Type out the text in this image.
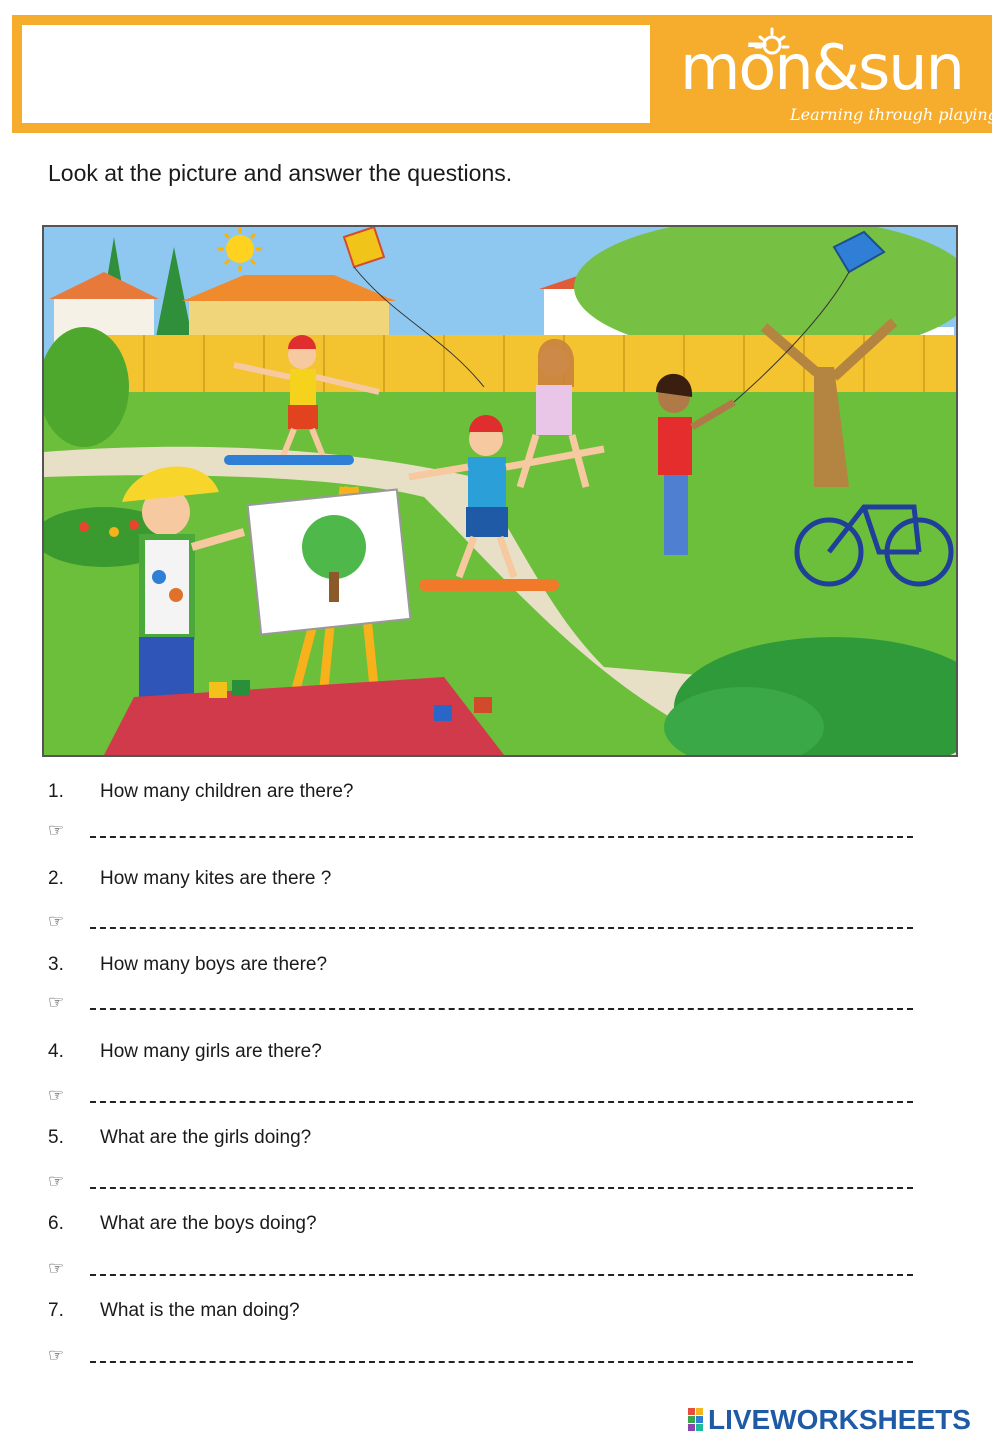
mōn&sun
Learning through playing
Look at the picture and answer the questions.
1. How many children are there?
☞
2. How many kites are there ?
☞
3. How many boys are there?
☞
4. How many girls are there?
☞
5. What are the girls doing?
☞
6. What are the boys doing?
☞
7. What is the man doing?
☞
LIVEWORKSHEETS
